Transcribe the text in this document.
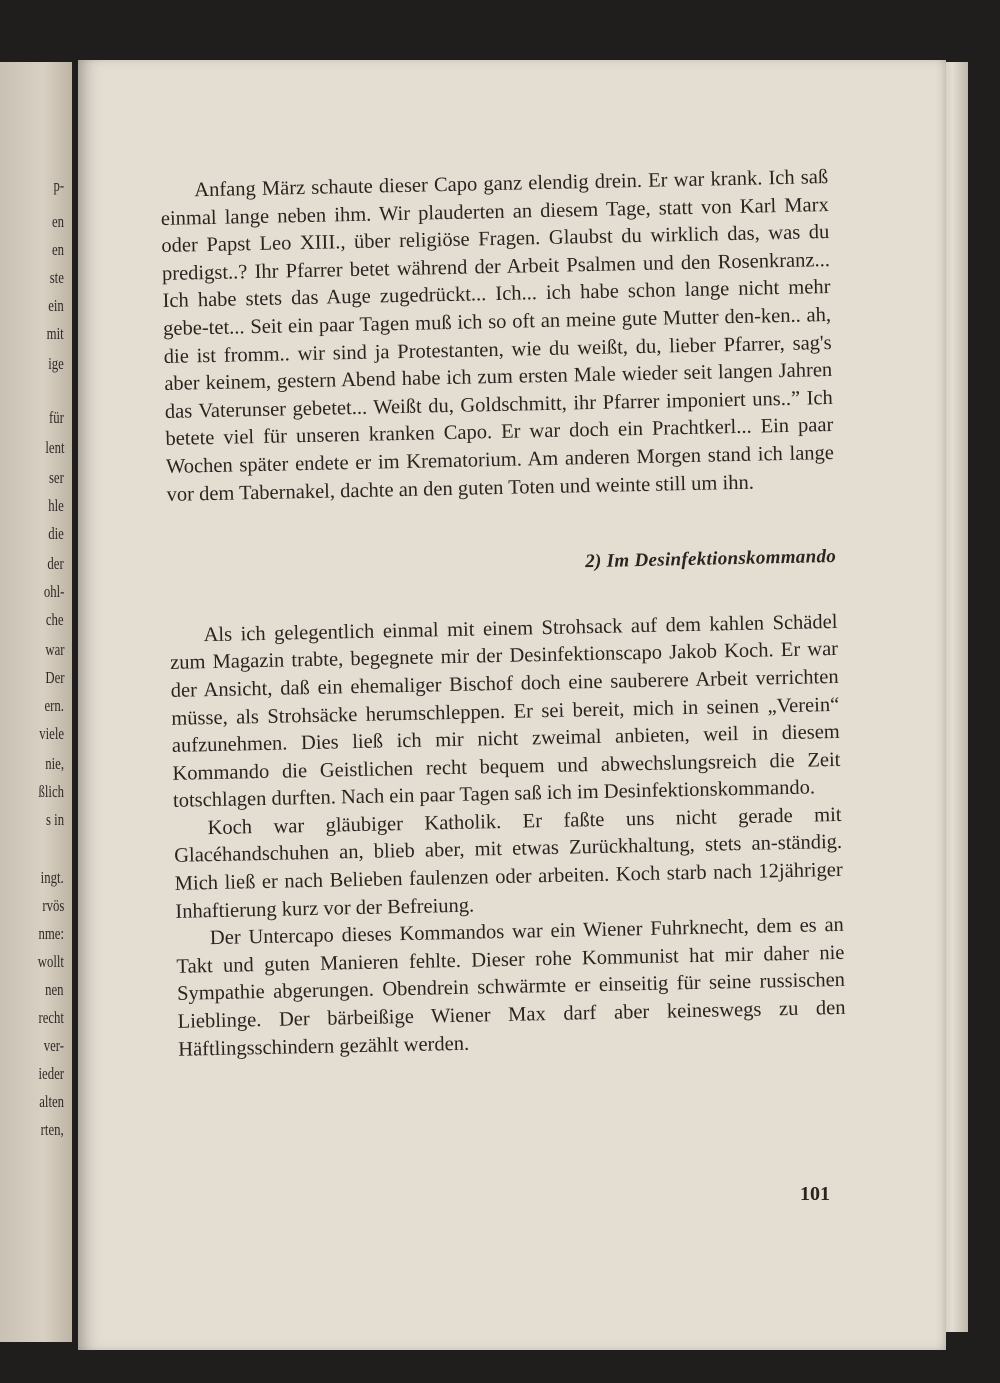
p-
en
en
ste
ein
mit
ige
für
lent
ser
hle
die
der
ohl-
che
war
Der
ern.
viele
nie,
ßlich
s in
ingt.
rvös
nme:
wollt
nen
recht
ver-
ieder
alten
rten,

Anfang März schaute dieser Capo ganz elendig drein. Er war krank. Ich saß einmal lange neben ihm. Wir plauderten an diesem Tage, statt von Karl Marx oder Papst Leo XIII., über religiöse Fragen. Glaubst du wirklich das, was du predigst..? Ihr Pfarrer betet während der Arbeit Psalmen und den Rosenkranz... Ich habe stets das Auge zugedrückt... Ich... ich habe schon lange nicht mehr gebe-tet... Seit ein paar Tagen muß ich so oft an meine gute Mutter den-ken.. ah, die ist fromm.. wir sind ja Protestanten, wie du weißt, du, lieber Pfarrer, sag's aber keinem, gestern Abend habe ich zum ersten Male wieder seit langen Jahren das Vaterunser gebetet... Weißt du, Goldschmitt, ihr Pfarrer imponiert uns..” Ich betete viel für unseren kranken Capo. Er war doch ein Prachtkerl... Ein paar Wochen später endete er im Krematorium. Am anderen Morgen stand ich lange vor dem Tabernakel, dachte an den guten Toten und weinte still um ihn.

2) Im Desinfektionskommando

Als ich gelegentlich einmal mit einem Strohsack auf dem kahlen Schädel zum Magazin trabte, begegnete mir der Desinfektionscapo Jakob Koch. Er war der Ansicht, daß ein ehemaliger Bischof doch eine sauberere Arbeit verrichten müsse, als Strohsäcke herumschleppen. Er sei bereit, mich in seinen „Verein“ aufzunehmen. Dies ließ ich mir nicht zweimal anbieten, weil in diesem Kommando die Geistlichen recht bequem und abwechslungsreich die Zeit totschlagen durften. Nach ein paar Tagen saß ich im Desinfektionskommando.

Koch war gläubiger Katholik. Er faßte uns nicht gerade mit Glacéhandschuhen an, blieb aber, mit etwas Zurückhaltung, stets an-ständig. Mich ließ er nach Belieben faulenzen oder arbeiten. Koch starb nach 12jähriger Inhaftierung kurz vor der Befreiung.

Der Untercapo dieses Kommandos war ein Wiener Fuhrknecht, dem es an Takt und guten Manieren fehlte. Dieser rohe Kommunist hat mir daher nie Sympathie abgerungen. Obendrein schwärmte er einseitig für seine russischen Lieblinge. Der bärbeißige Wiener Max darf aber keineswegs zu den Häftlingsschindern gezählt werden.

101
